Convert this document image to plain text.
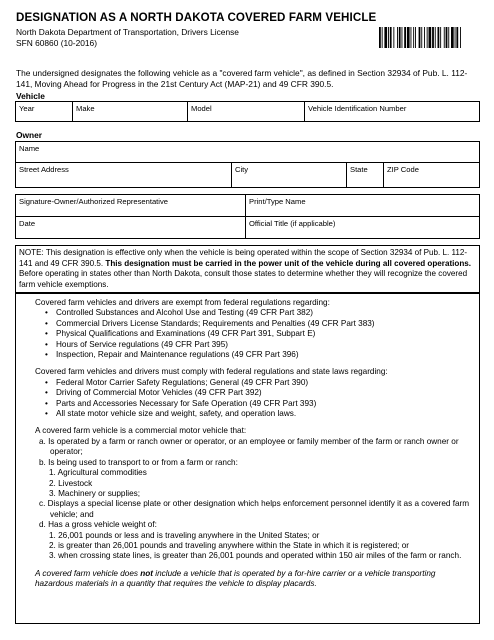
DESIGNATION AS A NORTH DAKOTA COVERED FARM VEHICLE
North Dakota Department of Transportation, Drivers License
SFN 60860 (10-2016)
The undersigned designates the following vehicle as a "covered farm vehicle", as defined in Section 32934 of Pub. L. 112-141, Moving Ahead for Progress in the 21st Century Act (MAP-21) and 49 CFR 390.5.
Vehicle
Year	Make	Model	Vehicle Identification Number
Owner
Name
Street Address	City	State	ZIP Code
Signature-Owner/Authorized Representative	Print/Type Name
Date	Official Title (if applicable)
NOTE: This designation is effective only when the vehicle is being operated within the scope of Section 32934 of Pub. L. 112-141 and 49 CFR 390.5. This designation must be carried in the power unit of the vehicle during all covered operations. Before operating in states other than North Dakota, consult those states to determine whether they will recognize the covered farm vehicle exemptions.

Covered farm vehicles and drivers are exempt from federal regulations regarding:

• Controlled Substances and Alcohol Use and Testing (49 CFR Part 382)
• Commercial Drivers License Standards; Requirements and Penalties (49 CFR Part 383)
• Physical Qualifications and Examinations (49 CFR Part 391, Subpart E)
• Hours of Service regulations (49 CFR Part 395)
• Inspection, Repair and Maintenance regulations (49 CFR Part 396)

Covered farm vehicles and drivers must comply with federal regulations and state laws regarding:

• Federal Motor Carrier Safety Regulations; General (49 CFR Part 390)
• Driving of Commercial Motor Vehicles (49 CFR Part 392)
• Parts and Accessories Necessary for Safe Operation (49 CFR Part 393)
• All state motor vehicle size and weight, safety, and operation laws.

A covered farm vehicle is a commercial motor vehicle that:

a. Is operated by a farm or ranch owner or operator, or an employee or family member of the farm or ranch owner or operator;
b. Is being used to transport to or from a farm or ranch:
1. Agricultural commodities
2. Livestock
3. Machinery or supplies;
c. Displays a special license plate or other designation which helps enforcement personnel identify it as a covered farm vehicle; and
d. Has a gross vehicle weight of:
1. 26,001 pounds or less and is traveling anywhere in the United States; or
2. is greater than 26,001 pounds and traveling anywhere within the State in which it is registered; or
3. when crossing state lines, is greater than 26,001 pounds and operated within 150 air miles of the farm or ranch.

A covered farm vehicle does not include a vehicle that is operated by a for-hire carrier or a vehicle transporting hazardous materials in a quantity that requires the vehicle to display placards.
